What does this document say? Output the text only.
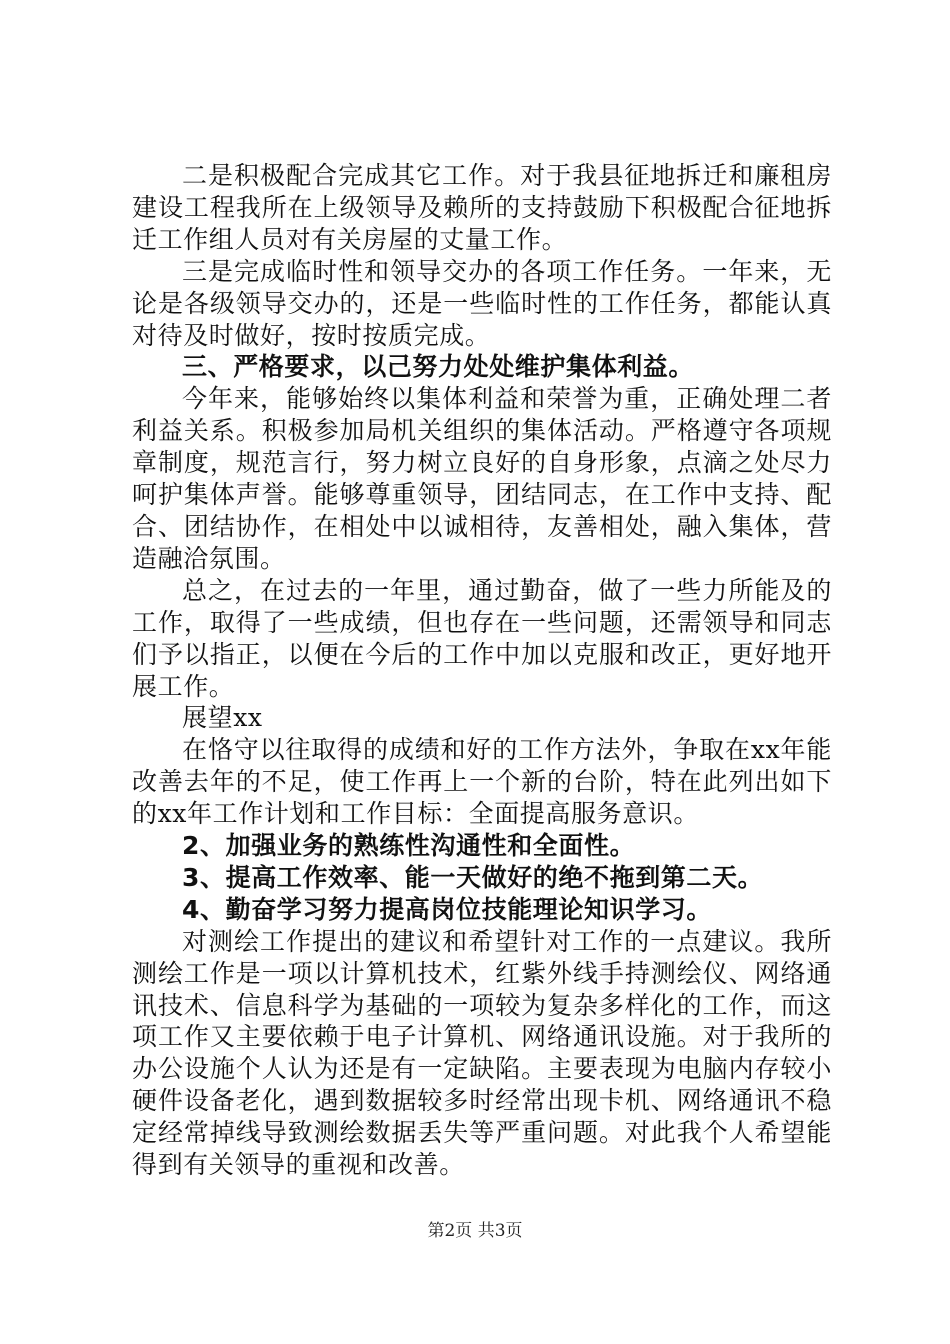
二是积极配合完成其它工作。对于我县征地拆迁和廉租房建设工程我所在上级领导及赖所的支持鼓励下积极配合征地拆迁工作组人员对有关房屋的丈量工作。

三是完成临时性和领导交办的各项工作任务。一年来，无论是各级领导交办的，还是一些临时性的工作任务，都能认真对待及时做好，按时按质完成。

三、严格要求，以己努力处处维护集体利益。

今年来，能够始终以集体利益和荣誉为重，正确处理二者利益关系。积极参加局机关组织的集体活动。严格遵守各项规章制度，规范言行，努力树立良好的自身形象，点滴之处尽力呵护集体声誉。能够尊重领导，团结同志，在工作中支持、配合、团结协作，在相处中以诚相待，友善相处，融入集体，营造融洽氛围。

总之，在过去的一年里，通过勤奋，做了一些力所能及的工作，取得了一些成绩，但也存在一些问题，还需领导和同志们予以指正，以便在今后的工作中加以克服和改正，更好地开展工作。

展望xx

在恪守以往取得的成绩和好的工作方法外，争取在xx年能改善去年的不足，使工作再上一个新的台阶，特在此列出如下的xx年工作计划和工作目标：全面提高服务意识。

2、加强业务的熟练性沟通性和全面性。

3、提高工作效率、能一天做好的绝不拖到第二天。

4、勤奋学习努力提高岗位技能理论知识学习。

对测绘工作提出的建议和希望针对工作的一点建议。我所测绘工作是一项以计算机技术，红紫外线手持测绘仪、网络通讯技术、信息科学为基础的一项较为复杂多样化的工作，而这项工作又主要依赖于电子计算机、网络通讯设施。对于我所的办公设施个人认为还是有一定缺陷。主要表现为电脑内存较小硬件设备老化，遇到数据较多时经常出现卡机、网络通讯不稳定经常掉线导致测绘数据丢失等严重问题。对此我个人希望能得到有关领导的重视和改善。

第2页 共3页
